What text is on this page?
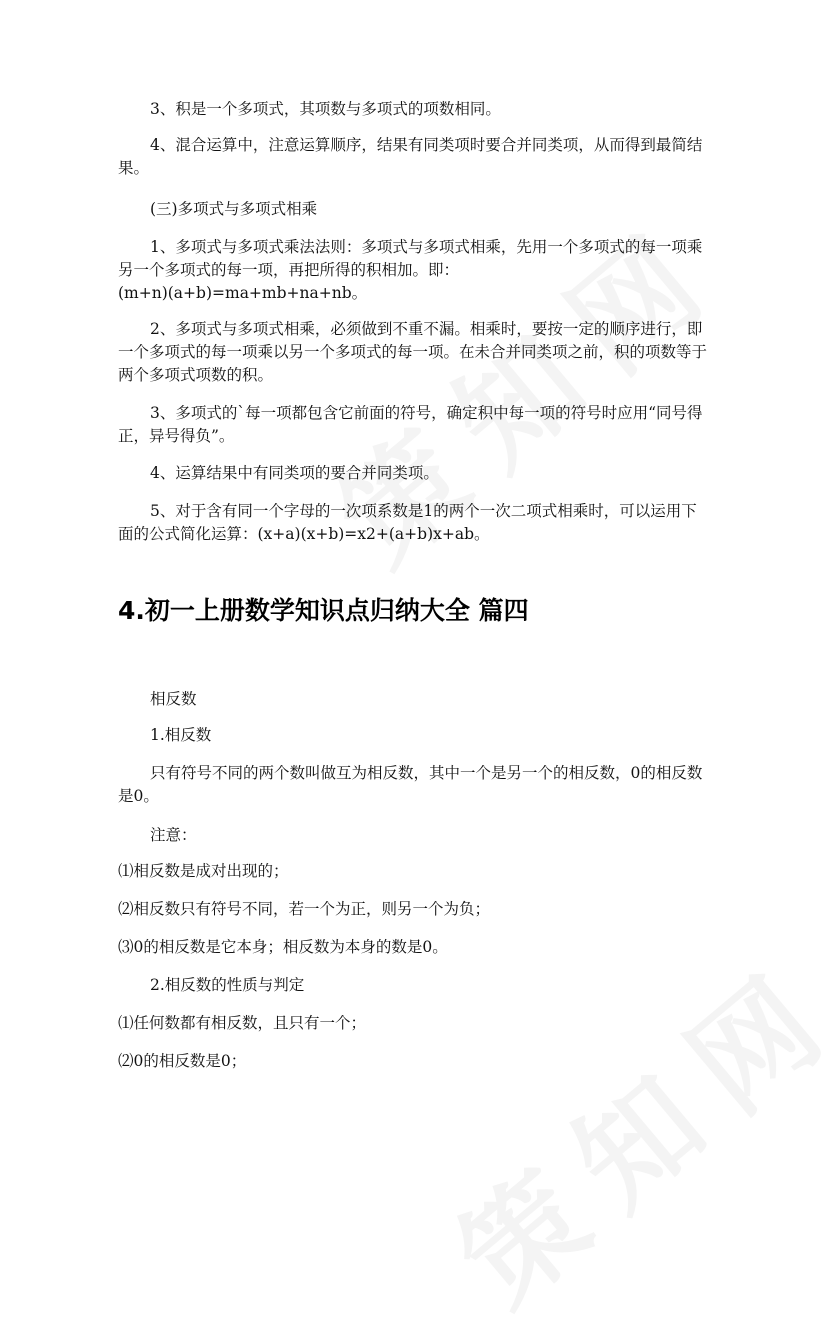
3、积是一个多项式，其项数与多项式的项数相同。

4、混合运算中，注意运算顺序，结果有同类项时要合并同类项，从而得到最简结果。

(三)多项式与多项式相乘

1、多项式与多项式乘法法则：多项式与多项式相乘，先用一个多项式的每一项乘另一个多项式的每一项，再把所得的积相加。即：

(m+n)(a+b)=ma+mb+na+nb。

2、多项式与多项式相乘，必须做到不重不漏。相乘时，要按一定的顺序进行，即一个多项式的每一项乘以另一个多项式的每一项。在未合并同类项之前，积的项数等于两个多项式项数的积。

3、多项式的`每一项都包含它前面的符号，确定积中每一项的符号时应用“同号得正，异号得负”。

4、运算结果中有同类项的要合并同类项。

5、对于含有同一个字母的一次项系数是1的两个一次二项式相乘时，可以运用下面的公式简化运算：(x+a)(x+b)=x2+(a+b)x+ab。

4.初一上册数学知识点归纳大全 篇四

相反数

1.相反数

只有符号不同的两个数叫做互为相反数，其中一个是另一个的相反数，0的相反数是0。

注意：

⑴相反数是成对出现的；

⑵相反数只有符号不同，若一个为正，则另一个为负；

⑶0的相反数是它本身；相反数为本身的数是0。

2.相反数的性质与判定

⑴任何数都有相反数，且只有一个；

⑵0的相反数是0；
